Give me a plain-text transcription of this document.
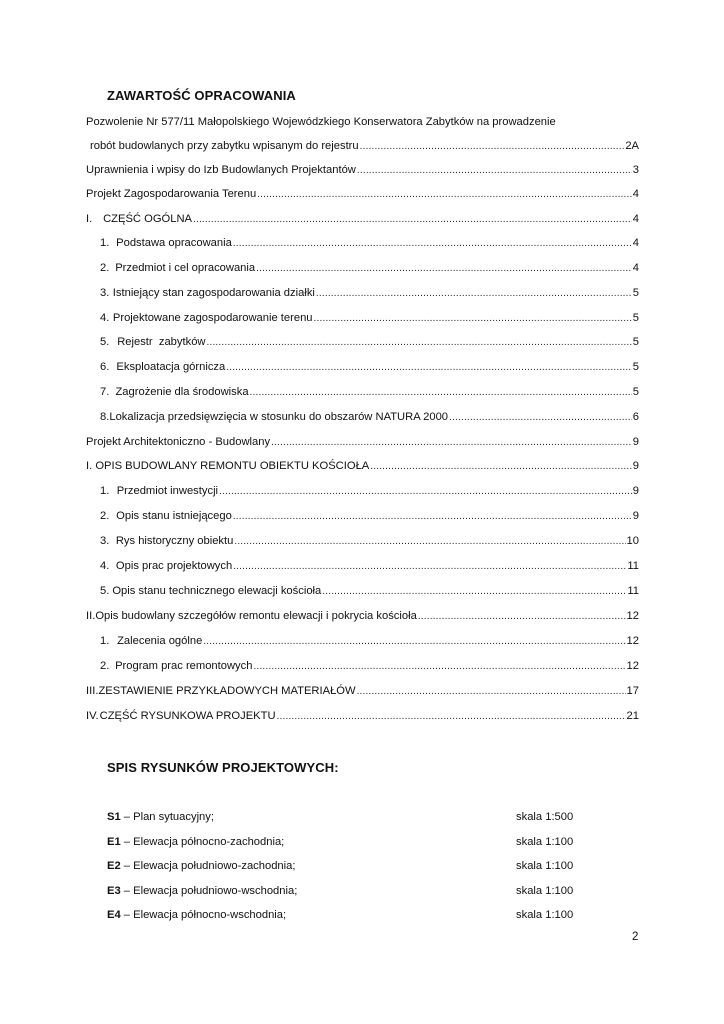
ZAWARTOŚĆ OPRACOWANIA
Pozwolenie Nr 577/11 Małopolskiego Wojewódzkiego Konserwatora Zabytków na prowadzenie
robót budowlanych przy zabytku wpisanym do rejestru .....	2A
Uprawnienia i wpisy do Izb Budowlanych Projektantów .....	3
Projekt Zagospodarowania Terenu .....	4
I. CZĘŚĆ OGÓLNA .....	4
1. Podstawa opracowania .....	4
2. Przedmiot i cel opracowania .....	4
3. Istniejący stan zagospodarowania działki .....	5
4. Projektowane zagospodarowanie terenu .....	5
5. Rejestr  zabytków .....	5
6. Eksploatacja górnicza .....	5
7. Zagrożenie dla środowiska .....	5
8. Lokalizacja przedsięwzięcia w stosunku do obszarów NATURA 2000 .....	6
Projekt Architektoniczno - Budowlany .....	9
I. OPIS BUDOWLANY REMONTU OBIEKTU KOŚCIOŁA .....	9
1. Przedmiot inwestycji .....	9
2. Opis stanu istniejącego .....	9
3. Rys historyczny obiektu .....	10
4. Opis prac projektowych .....	11
5. Opis stanu technicznego elewacji kościoła .....	11
II. Opis budowlany szczegółów remontu elewacji i pokrycia kościoła .....	12
1. Zalecenia ogólne .....	12
2. Program prac remontowych .....	12
III. ZESTAWIENIE PRZYKŁADOWYCH MATERIAŁÓW .....	17
IV. CZĘŚĆ RYSUNKOWA PROJEKTU .....	21
SPIS RYSUNKÓW PROJEKTOWYCH:
S1 – Plan sytuacyjny;	skala 1:500
E1 – Elewacja północno-zachodnia;	skala 1:100
E2 – Elewacja południowo-zachodnia;	skala 1:100
E3 – Elewacja południowo-wschodnia;	skala 1:100
E4 – Elewacja północno-wschodnia;	skala 1:100
2
